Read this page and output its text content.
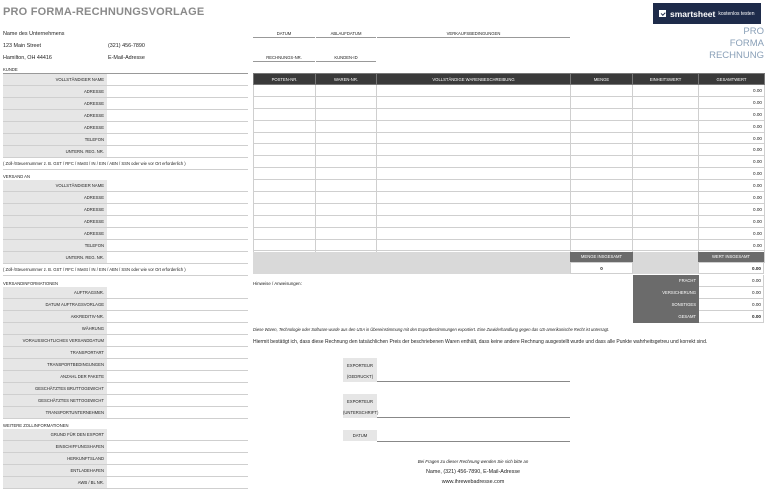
PRO FORMA-RECHNUNGSVORLAGE	smartsheet kostenlos testen
PRO
FORMA
RECHNUNG
Name des Unternehmens
123 Main Street
Hamilton, OH 44416
(321) 456-7890
E-Mail-Adresse
DATUM	ABLAUFDATUM	VERKAUFSBEDINGUNGEN
RECHNUNGS-NR.	KUNDEN-ID
KUNDE
VOLLSTÄNDIGER NAME
ADRESSE
ADRESSE
ADRESSE
ADRESSE
TELEFON
UNTERN. REG. NR.
( Zoll-/Steuernummer z. B. GST / RFC / MwSt / IN / EIN / ABN / SSN oder wie vor Ort erforderlich )
VERSAND AN
VOLLSTÄNDIGER NAME
ADRESSE
ADRESSE
ADRESSE
ADRESSE
TELEFON
UNTERN. REG. NR.
( Zoll-/Steuernummer z. B. GST / RFC / MwSt / IN / EIN / ABN / SSN oder wie vor Ort erforderlich )
VERSANDINFORMATIONEN
AUFTRAGSNR.
DATUM AUFTRAGSVORLAGE
AKKREDITIV-NR.
WÄHRUNG
VORAUSSICHTLICHES VERSANDDATUM
TRANSPORTART
TRANSPORTBEDINGUNGEN
ANZAHL DER PAKETE
GESCHÄTZTES BRUTTOGEWICHT
GESCHÄTZTES NETTOGEWICHT
TRANSPORTUNTERNEHMEN
WEITERE ZOLLINFORMATIONEN
GRUND FÜR DEN EXPORT
EINSCHIFFUNGSHAFEN
HERKUNFTSLAND
ENTLADEHAFEN
AWB / BL NR.
POSTEN-NR.	WAREN-NR.	VOLLSTÄNDIGE WARENBESCHREIBUNG	MENGE	EINHEITSWERT	GESAMTWERT
					0.00
					0.00
					0.00
					0.00
					0.00
					0.00
					0.00
					0.00
					0.00
					0.00
					0.00
					0.00
					0.00
					0.00

MENGE INSGESAMT
0
WERT INSGESAMT
0.00
FRACHT	0.00
VERSICHERUNG	0.00
SONSTIGES	0.00
GESAMT	0.00
Hinweise / Anweisungen:
Diese Waren, Technologie oder Software wurde aus den USA in Übereinstimmung mit den Exportbestimmungen exportiert. Eine Zuwiderhandlung gegen das US-amerikanische Recht ist untersagt.
Hiermit bestätigt ich, dass diese Rechnung den tatsächlichen Preis der beschriebenen Waren enthält, dass keine andere Rechnung ausgestellt wurde und dass alle Punkte wahrheitsgetreu und korrekt sind.
EXPORTEUR
(GEDRUCKT)
EXPORTEUR
(UNTERSCHRIFT)
DATUM
Bei Fragen zu dieser Rechnung wenden Sie sich bitte an
Name, (321) 456-7890, E-Mail-Adresse
www.ihrewebadresse.com
